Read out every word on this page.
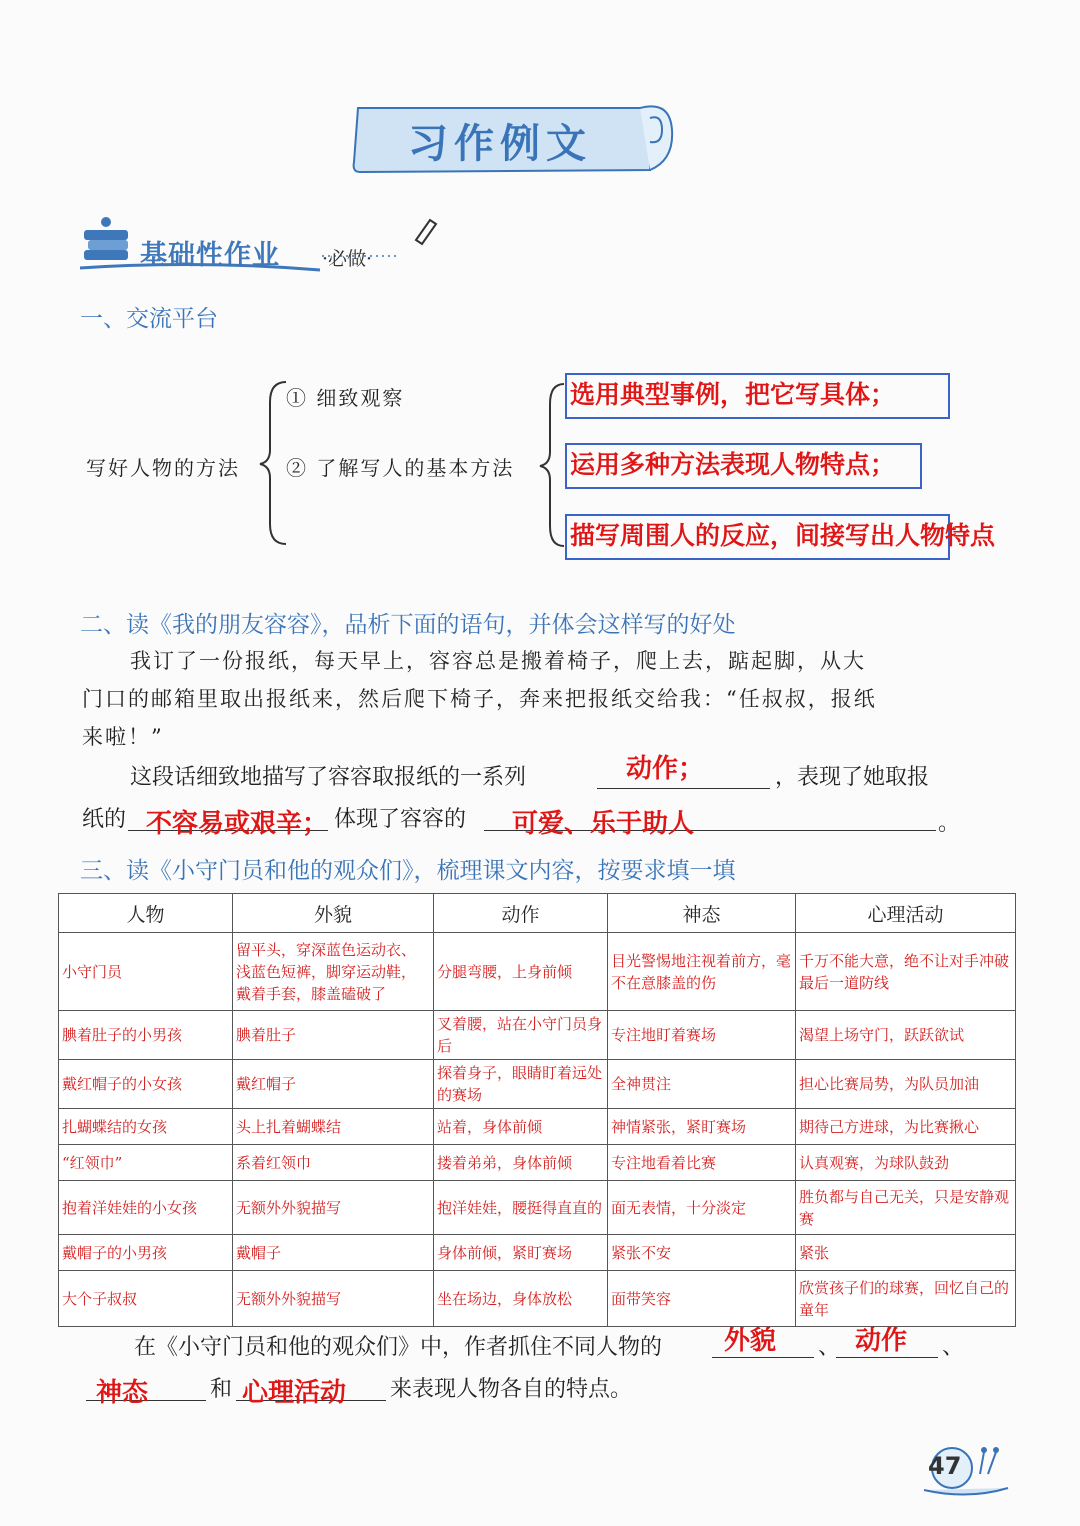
习作例文
基础性作业 ·必做·
一、交流平台
写好人物的方法
① 细致观察
② 了解写人的基本方法
选用典型事例，把它写具体；
运用多种方法表现人物特点；
描写周围人的反应，间接写出人物特点
二、读《我的朋友容容》，品析下面的语句，并体会这样写的好处
我订了一份报纸，每天早上，容容总是搬着椅子，爬上去，踮起脚，从大
门口的邮箱里取出报纸来，然后爬下椅子，奔来把报纸交给我：“任叔叔，报纸
来啦！”
这段话细致地描写了容容取报纸的一系列	动作；	，表现了她取报
纸的 不容易或艰辛； 体现了容容的 可爱、乐于助人	。
三、读《小守门员和他的观众们》，梳理课文内容，按要求填一填
人物	外貌	动作	神态	心理活动
小守门员	留平头，穿深蓝色运动衣、浅蓝色短裤，脚穿运动鞋，戴着手套，膝盖磕破了	分腿弯腰，上身前倾	目光警惕地注视着前方，毫不在意膝盖的伤	千万不能大意，绝不让对手冲破最后一道防线
腆着肚子的小男孩	腆着肚子	叉着腰，站在小守门员身后	专注地盯着赛场	渴望上场守门，跃跃欲试
戴红帽子的小女孩	戴红帽子	探着身子，眼睛盯着远处的赛场	全神贯注	担心比赛局势，为队员加油
扎蝴蝶结的女孩	头上扎着蝴蝶结	站着，身体前倾	神情紧张，紧盯赛场	期待己方进球，为比赛揪心
“红领巾”	系着红领巾	搂着弟弟，身体前倾	专注地看着比赛	认真观赛，为球队鼓劲
抱着洋娃娃的小女孩	无额外外貌描写	抱洋娃娃，腰挺得直直的	面无表情，十分淡定	胜负都与自己无关，只是安静观赛
戴帽子的小男孩	戴帽子	身体前倾，紧盯赛场	紧张不安	紧张
大个子叔叔	无额外外貌描写	坐在场边，身体放松	面带笑容	欣赏孩子们的球赛，回忆自己的童年
在《小守门员和他的观众们》中，作者抓住不同人物的 外貌 、 动作 、
神态	和 心理活动 来表现人物各自的特点。
47
